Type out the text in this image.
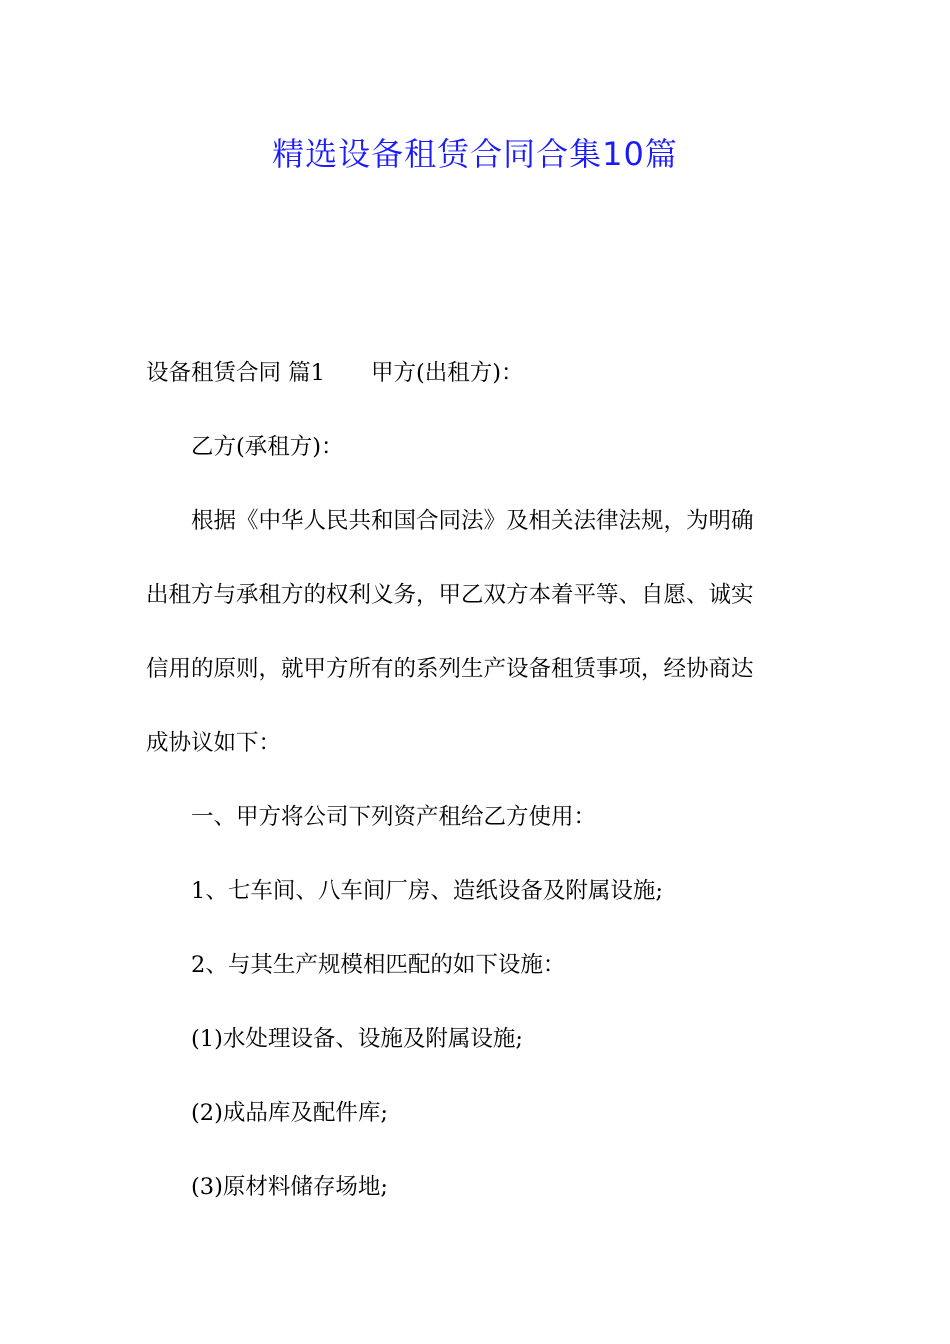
精选设备租赁合同合集10篇
设备租赁合同 篇1 甲方(出租方)：
乙方(承租方)：
根据《中华人民共和国合同法》及相关法律法规，为明确
出租方与承租方的权利义务，甲乙双方本着平等、自愿、诚实
信用的原则，就甲方所有的系列生产设备租赁事项，经协商达
成协议如下：
一、甲方将公司下列资产租给乙方使用：
1、七车间、八车间厂房、造纸设备及附属设施;
2、与其生产规模相匹配的如下设施：
(1)水处理设备、设施及附属设施;
(2)成品库及配件库;
(3)原材料储存场地;
